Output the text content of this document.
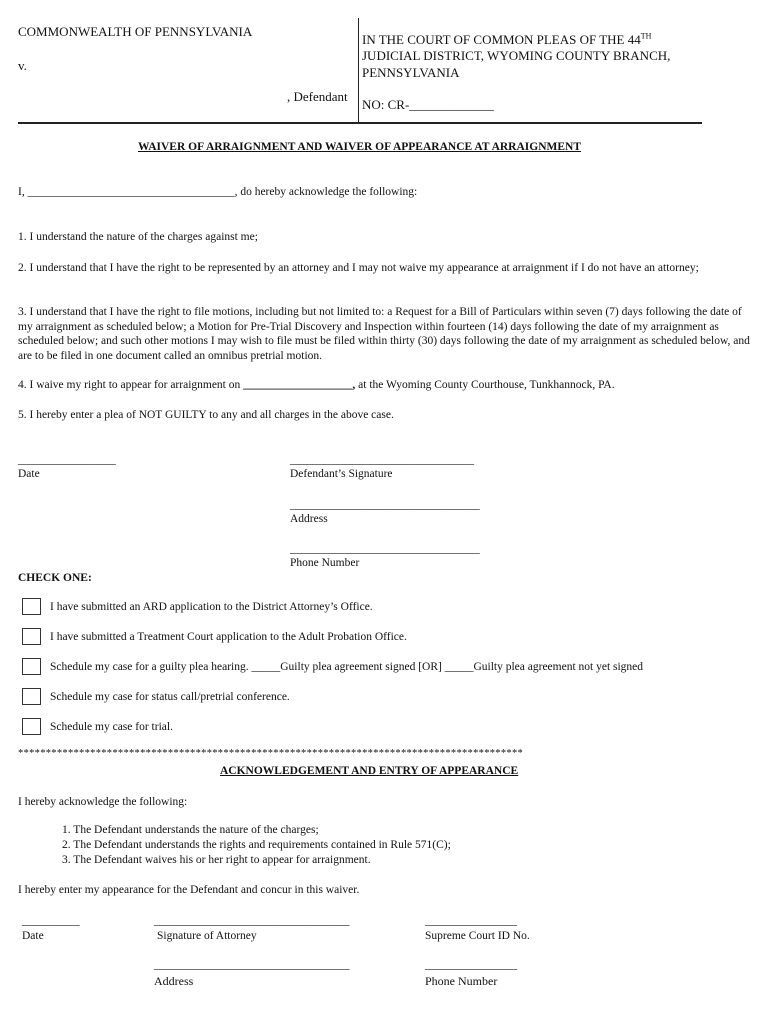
COMMONWEALTH OF PENNSYLVANIA
v.
, Defendant
IN THE COURT OF COMMON PLEAS OF THE 44TH
JUDICIAL DISTRICT, WYOMING COUNTY BRANCH,
PENNSYLVANIA
NO: CR-_____________
WAIVER OF ARRAIGNMENT AND WAIVER OF APPEARANCE AT ARRAIGNMENT
I, ____________________________________, do hereby acknowledge the following:
1. I understand the nature of the charges against me;
2. I understand that I have the right to be represented by an attorney and I may not waive my appearance at arraignment if I do not have an attorney;
3. I understand that I have the right to file motions, including but not limited to: a Request for a Bill of Particulars within seven (7) days following the date of my arraignment as scheduled below; a Motion for Pre-Trial Discovery and Inspection within fourteen (14) days following the date of my arraignment as scheduled below; and such other motions I may wish to file must be filed within thirty (30) days following the date of my arraignment as scheduled below, and are to be filed in one document called an omnibus pretrial motion.
4. I waive my right to appear for arraignment on ___________________, at the Wyoming County Courthouse, Tunkhannock, PA.
5. I hereby enter a plea of NOT GUILTY to any and all charges in the above case.
_________________
Date
________________________________
Defendant’s Signature
_________________________________
Address
_________________________________
Phone Number
CHECK ONE:
I have submitted an ARD application to the District Attorney’s Office.
I have submitted a Treatment Court application to the Adult Probation Office.
Schedule my case for a guilty plea hearing. _____Guilty plea agreement signed [OR] _____Guilty plea agreement not yet signed
Schedule my case for status call/pretrial conference.
Schedule my case for trial.
*******************************************************************************************
ACKNOWLEDGEMENT AND ENTRY OF APPEARANCE
I hereby acknowledge the following:
1. The Defendant understands the nature of the charges;
2. The Defendant understands the rights and requirements contained in Rule 571(C);
3. The Defendant waives his or her right to appear for arraignment.
I hereby enter my appearance for the Defendant and concur in this waiver.
__________
Date
__________________________________
Signature of Attorney
________________
Supreme Court ID No.
__________________________________
Address
________________
Phone Number
